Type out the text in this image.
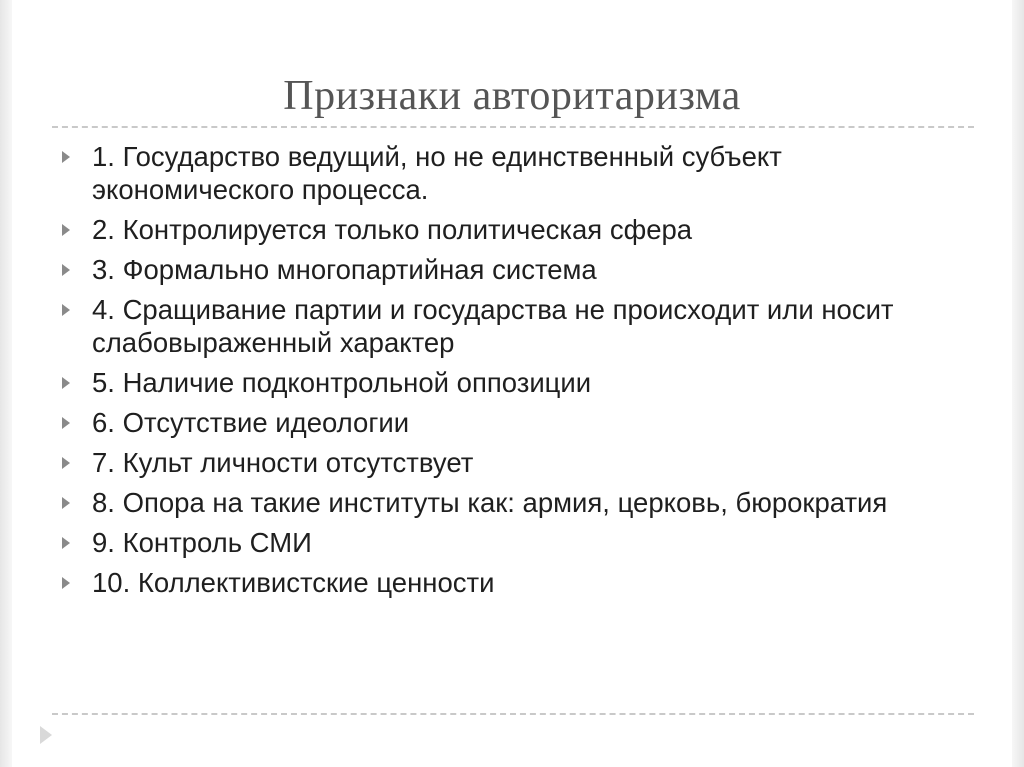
Признаки авторитаризма
1. Государство ведущий, но не единственный субъект экономического процесса.
2. Контролируется только политическая сфера
3. Формально многопартийная система
4. Сращивание партии и государства не происходит или носит слабовыраженный характер
5. Наличие подконтрольной оппозиции
6. Отсутствие идеологии
7. Культ личности отсутствует
8. Опора на такие институты как: армия, церковь, бюрократия
9. Контроль СМИ
10. Коллективистские ценности
